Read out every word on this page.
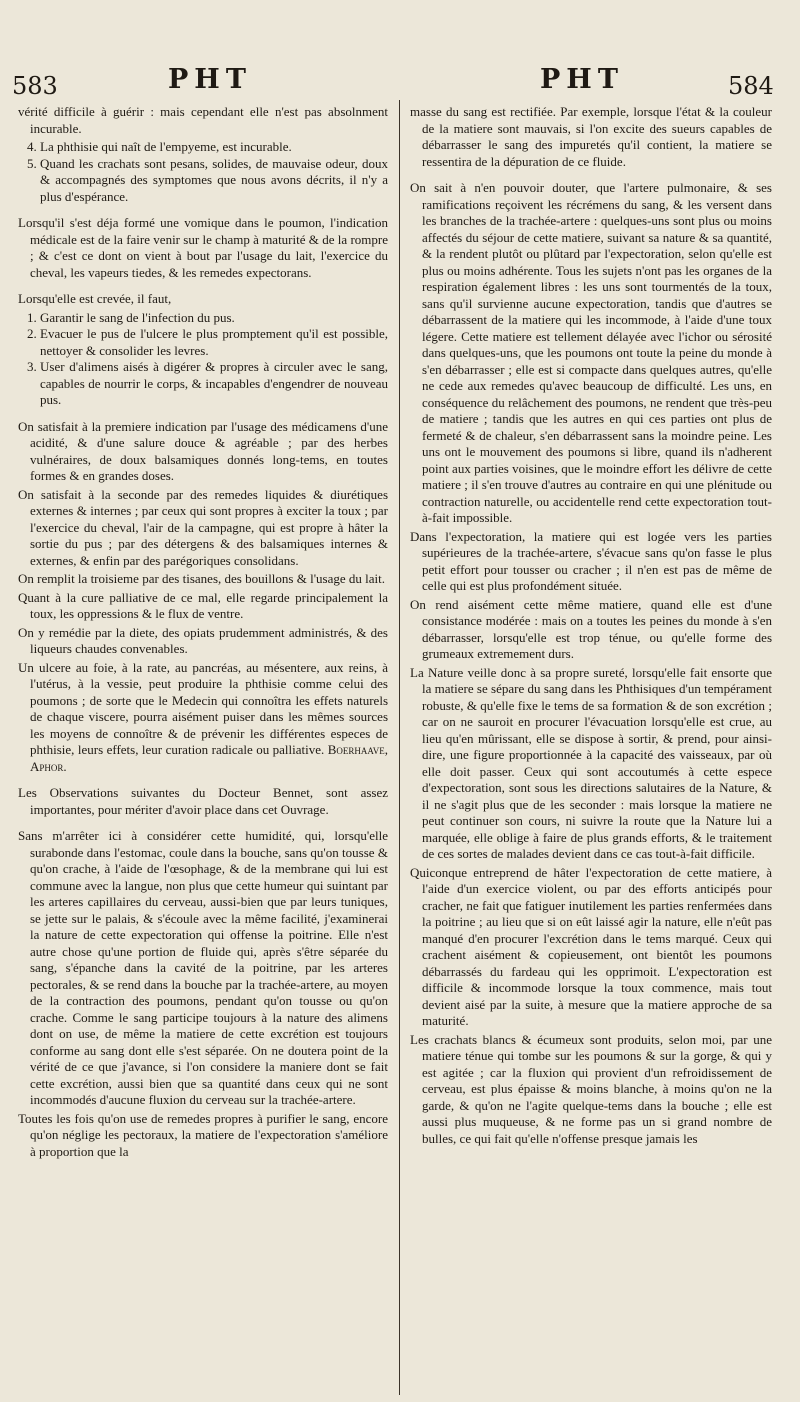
583	PHT	PHT	584

vérité difficile à guérir : mais cependant elle n'est pas absolnment incurable.

4. La phthisie qui naît de l'empyeme, est incurable.
5. Quand les crachats sont pesans, solides, de mauvaise odeur, doux & accompagnés des symptomes que nous avons décrits, il n'y a plus d'espérance.

Lorsqu'il s'est déja formé une vomique dans le poumon, l'indication médicale est de la faire venir sur le champ à maturité & de la rompre ; & c'est ce dont on vient à bout par l'usage du lait, l'exercice du cheval, les vapeurs tiedes, & les remedes expectorans.

Lorsqu'elle est crevée, il faut,

1. Garantir le sang de l'infection du pus.
2. Evacuer le pus de l'ulcere le plus promptement qu'il est possible, nettoyer & consolider les levres.
3. User d'alimens aisés à digérer & propres à circuler avec le sang, capables de nourrir le corps, & incapables d'engendrer de nouveau pus.

On satisfait à la premiere indication par l'usage des médicamens d'une acidité, & d'une salure douce & agréable ; par des herbes vulnéraires, de doux balsamiques donnés long-tems, en toutes formes & en grandes doses.

On satisfait à la seconde par des remedes liquides & diurétiques externes & internes ; par ceux qui sont propres à exciter la toux ; par l'exercice du cheval, l'air de la campagne, qui est propre à hâter la sortie du pus ; par des détergens & des balsamiques internes & externes, & enfin par des parégoriques consolidans.

On remplit la troisieme par des tisanes, des bouillons & l'usage du lait.

Quant à la cure palliative de ce mal, elle regarde principalement la toux, les oppressions & le flux de ventre.

On y remédie par la diete, des opiats prudemment administrés, & des liqueurs chaudes convenables.

Un ulcere au foie, à la rate, au pancréas, au mésentere, aux reins, à l'utérus, à la vessie, peut produire la phthisie comme celui des poumons ; de sorte que le Medecin qui connoîtra les effets naturels de chaque viscere, pourra aisément puiser dans les mêmes sources les moyens de connoître & de prévenir les différentes especes de phthisie, leurs effets, leur curation radicale ou palliative. Boerhaave, Aphor.

Les Observations suivantes du Docteur Bennet, sont assez importantes, pour mériter d'avoir place dans cet Ouvrage.

Sans m'arrêter ici à considérer cette humidité, qui, lorsqu'elle surabonde dans l'estomac, coule dans la bouche, sans qu'on tousse & qu'on crache, à l'aide de l'œsophage, & de la membrane qui lui est commune avec la langue, non plus que cette humeur qui suintant par les arteres capillaires du cerveau, aussi-bien que par leurs tuniques, se jette sur le palais, & s'écoule avec la même facilité, j'examinerai la nature de cette expectoration qui offense la poitrine. Elle n'est autre chose qu'une portion de fluide qui, après s'être séparée du sang, s'épanche dans la cavité de la poitrine, par les arteres pectorales, & se rend dans la bouche par la trachée-artere, au moyen de la contraction des poumons, pendant qu'on tousse ou qu'on crache. Comme le sang participe toujours à la nature des alimens dont on use, de même la matiere de cette excrétion est toujours conforme au sang dont elle s'est séparée. On ne doutera point de la vérité de ce que j'avance, si l'on considere la maniere dont se fait cette excrétion, aussi bien que sa quantité dans ceux qui ne sont incommodés d'aucune fluxion du cerveau sur la trachée-artere.

Toutes les fois qu'on use de remedes propres à purifier le sang, encore qu'on néglige les pectoraux, la matiere de l'expectoration s'améliore à proportion que la

masse du sang est rectifiée. Par exemple, lorsque l'état & la couleur de la matiere sont mauvais, si l'on excite des sueurs capables de débarrasser le sang des impuretés qu'il contient, la matiere se ressentira de la dépuration de ce fluide.

On sait à n'en pouvoir douter, que l'artere pulmonaire, & ses ramifications reçoivent les récrémens du sang, & les versent dans les branches de la trachée-artere : quelques-uns sont plus ou moins affectés du séjour de cette matiere, suivant sa nature & sa quantité, & la rendent plutôt ou plûtard par l'expectoration, selon qu'elle est plus ou moins adhérente. Tous les sujets n'ont pas les organes de la respiration également libres : les uns sont tourmentés de la toux, sans qu'il survienne aucune expectoration, tandis que d'autres se débarrassent de la matiere qui les incommode, à l'aide d'une toux légere. Cette matiere est tellement délayée avec l'ichor ou sérosité dans quelques-uns, que les poumons ont toute la peine du monde à s'en débarrasser ; elle est si compacte dans quelques autres, qu'elle ne cede aux remedes qu'avec beaucoup de difficulté. Les uns, en conséquence du relâchement des poumons, ne rendent que très-peu de matiere ; tandis que les autres en qui ces parties ont plus de fermeté & de chaleur, s'en débarrassent sans la moindre peine. Les uns ont le mouvement des poumons si libre, quand ils n'adherent point aux parties voisines, que le moindre effort les délivre de cette matiere ; il s'en trouve d'autres au contraire en qui une plénitude ou contraction naturelle, ou accidentelle rend cette expectoration tout-à-fait impossible.

Dans l'expectoration, la matiere qui est logée vers les parties supérieures de la trachée-artere, s'évacue sans qu'on fasse le plus petit effort pour tousser ou cracher ; il n'en est pas de même de celle qui est plus profondément située.

On rend aisément cette même matiere, quand elle est d'une consistance modérée : mais on a toutes les peines du monde à s'en débarrasser, lorsqu'elle est trop ténue, ou qu'elle forme des grumeaux extremement durs.

La Nature veille donc à sa propre sureté, lorsqu'elle fait ensorte que la matiere se sépare du sang dans les Phthisiques d'un tempérament robuste, & qu'elle fixe le tems de sa formation & de son excrétion ; car on ne sauroit en procurer l'évacuation lorsqu'elle est crue, au lieu qu'en mûrissant, elle se dispose à sortir, & prend, pour ainsi-dire, une figure proportionnée à la capacité des vaisseaux, par où elle doit passer. Ceux qui sont accoutumés à cette espece d'expectoration, sont sous les directions salutaires de la Nature, & il ne s'agit plus que de les seconder : mais lorsque la matiere ne peut continuer son cours, ni suivre la route que la Nature lui a marquée, elle oblige à faire de plus grands efforts, & le traitement de ces sortes de malades devient dans ce cas tout-à-fait difficile.

Quiconque entreprend de hâter l'expectoration de cette matiere, à l'aide d'un exercice violent, ou par des efforts anticipés pour cracher, ne fait que fatiguer inutilement les parties renfermées dans la poitrine ; au lieu que si on eût laissé agir la nature, elle n'eût pas manqué d'en procurer l'excrétion dans le tems marqué. Ceux qui crachent aisément & copieusement, ont bientôt les poumons débarrassés du fardeau qui les opprimoit. L'expectoration est difficile & incommode lorsque la toux commence, mais tout devient aisé par la suite, à mesure que la matiere approche de sa maturité.

Les crachats blancs & écumeux sont produits, selon moi, par une matiere ténue qui tombe sur les poumons & sur la gorge, & qui y est agitée ; car la fluxion qui provient d'un refroidissement de cerveau, est plus épaisse & moins blanche, à moins qu'on ne la garde, & qu'on ne l'agite quelque-tems dans la bouche ; elle est aussi plus muqueuse, & ne forme pas un si grand nombre de bulles, ce qui fait qu'elle n'offense presque jamais les
